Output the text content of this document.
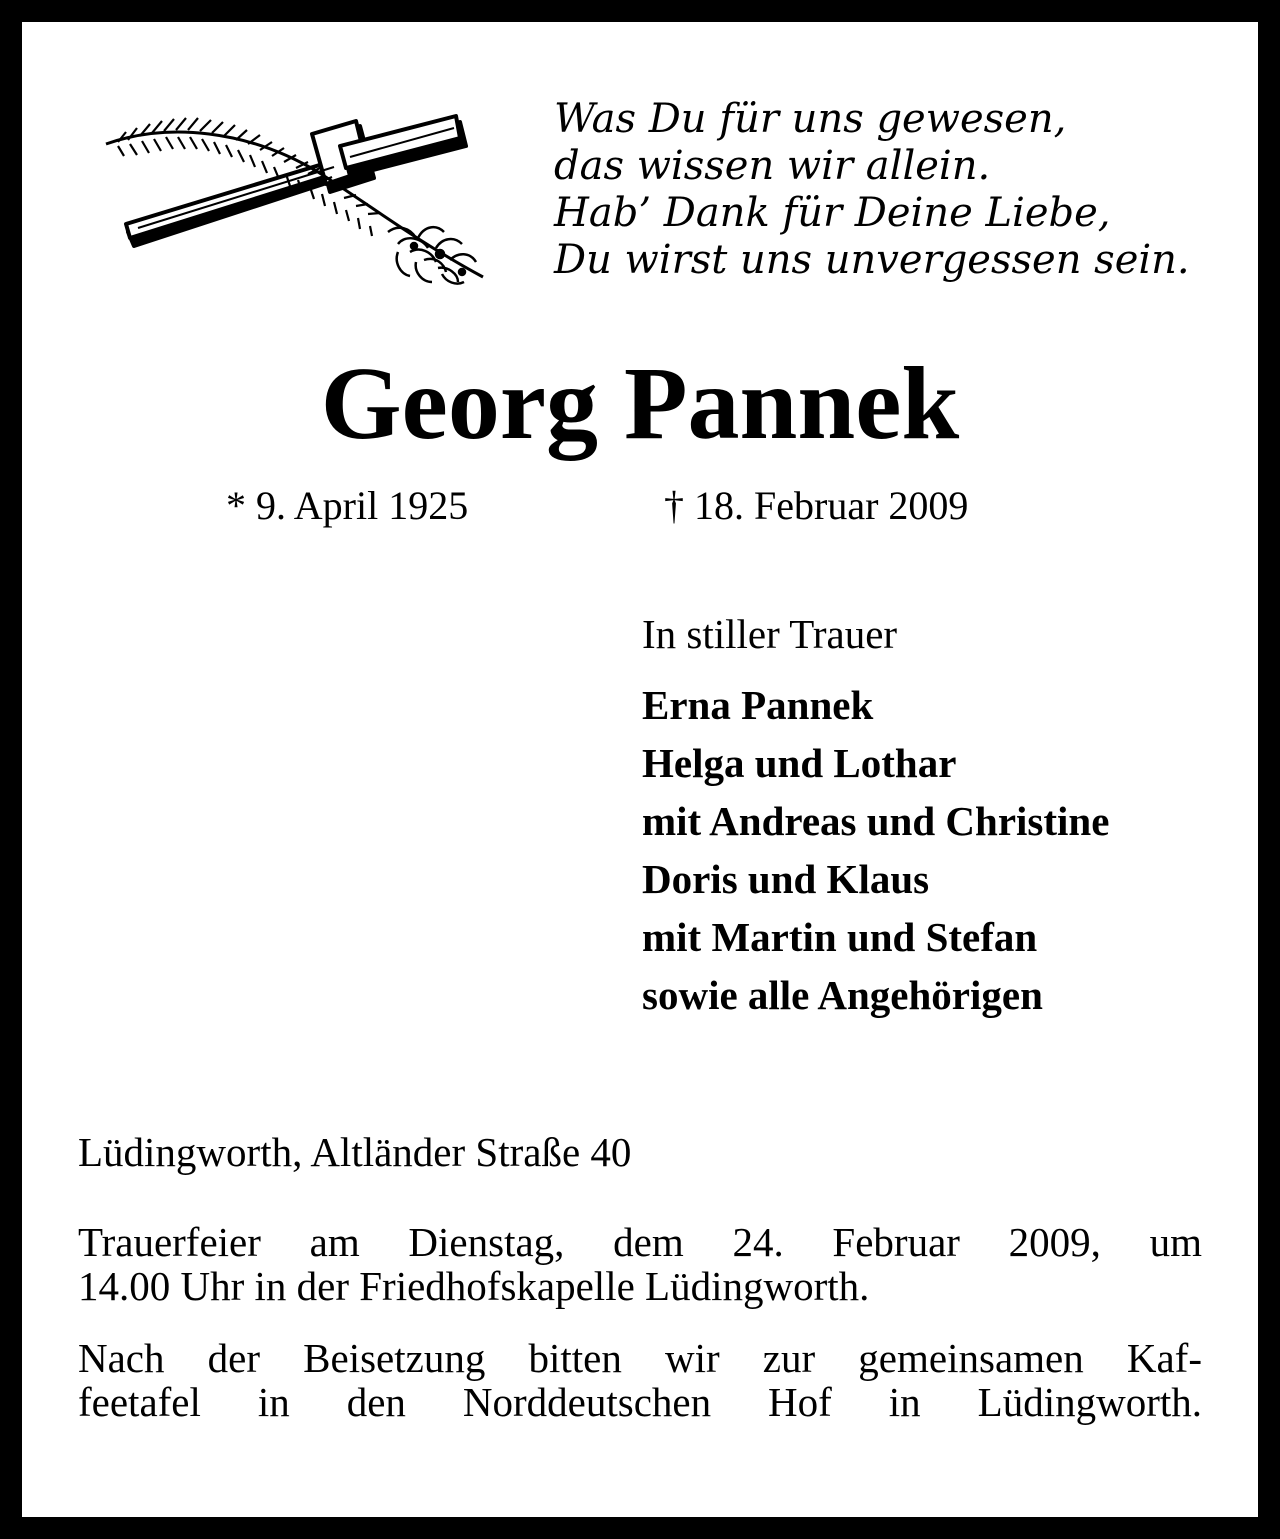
Was Du für uns gewesen,
das wissen wir allein.
Hab’ Dank für Deine Liebe,
Du wirst uns unvergessen sein.
Georg Pannek
* 9. April 1925	† 18. Februar 2009
In stiller Trauer
Erna Pannek
Helga und Lothar
mit Andreas und Christine
Doris und Klaus
mit Martin und Stefan
sowie alle Angehörigen
Lüdingworth, Altländer Straße 40
Trauerfeier am Dienstag, dem 24. Februar 2009, um
14.00 Uhr in der Friedhofskapelle Lüdingworth.
Nach der Beisetzung bitten wir zur gemeinsamen Kaf-
feetafel in den Norddeutschen Hof in Lüdingworth.
